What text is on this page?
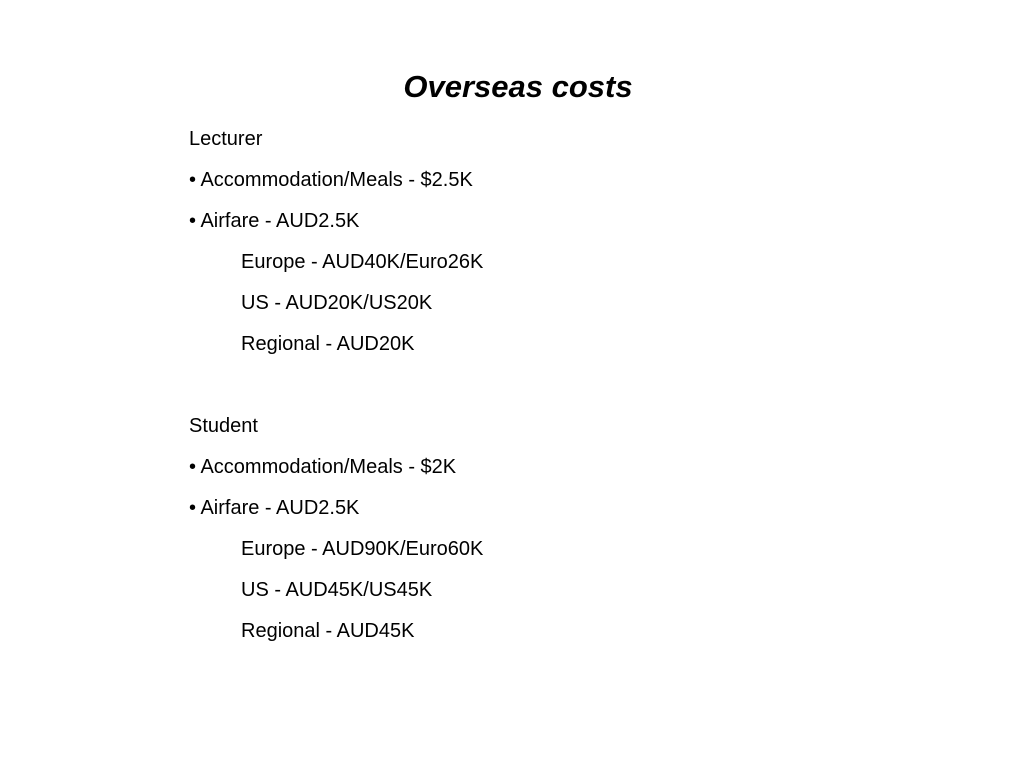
Overseas costs
Lecturer
• Accommodation/Meals - $2.5K
• Airfare - AUD2.5K
Europe - AUD40K/Euro26K
US - AUD20K/US20K
Regional - AUD20K
Student
• Accommodation/Meals - $2K
• Airfare - AUD2.5K
Europe - AUD90K/Euro60K
US - AUD45K/US45K
Regional - AUD45K
